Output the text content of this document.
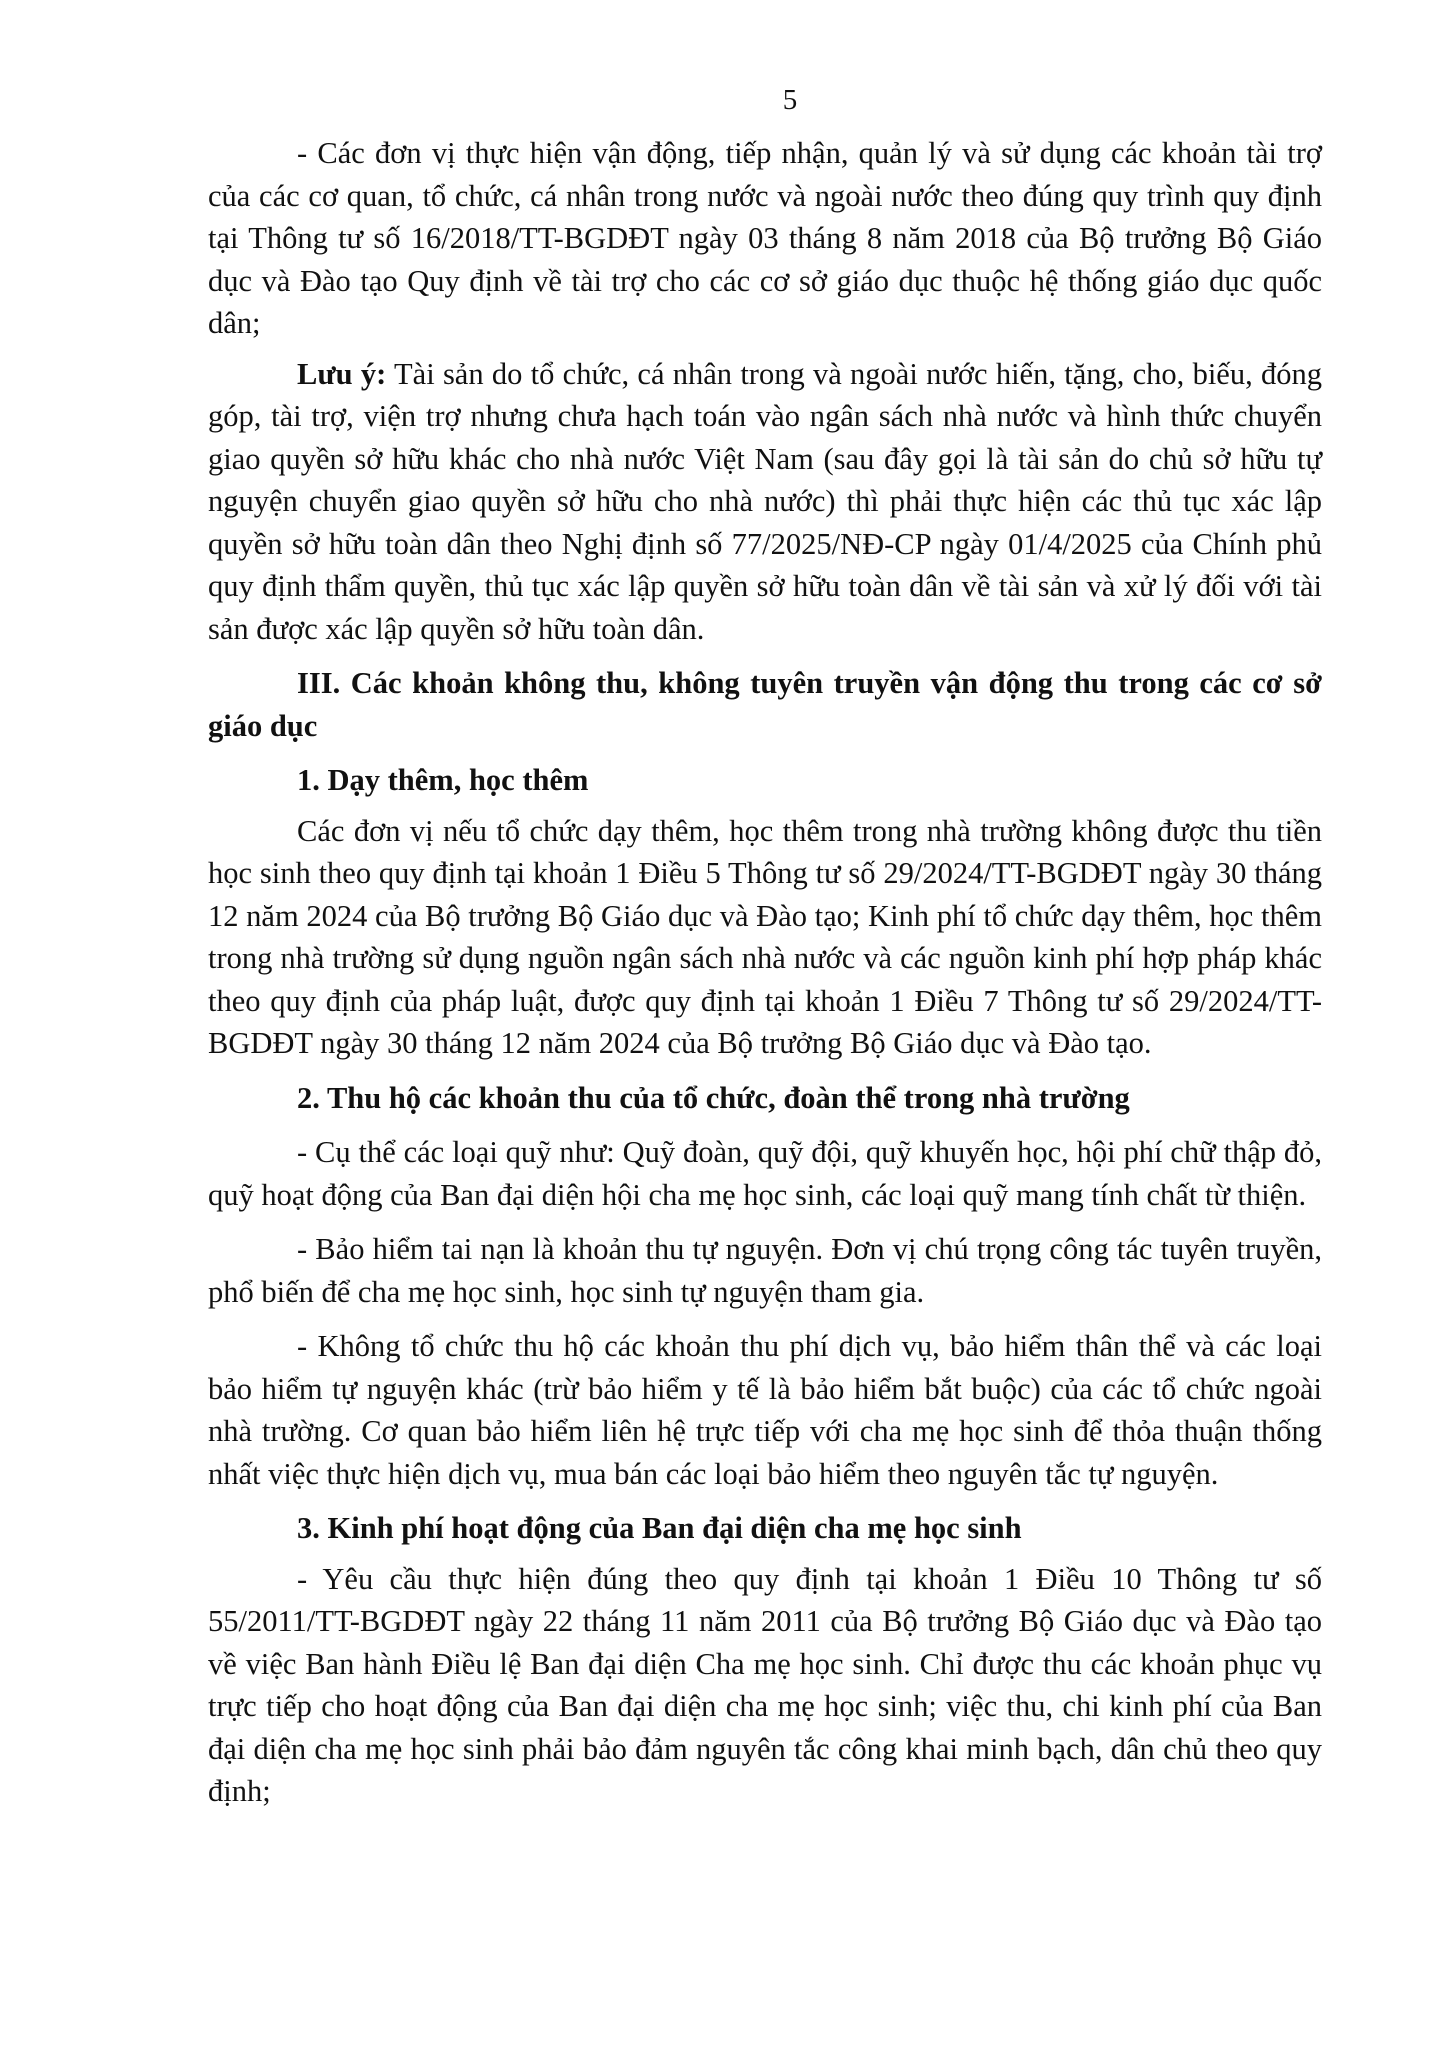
5

- Các đơn vị thực hiện vận động, tiếp nhận, quản lý và sử dụng các khoản tài trợ của các cơ quan, tổ chức, cá nhân trong nước và ngoài nước theo đúng quy trình quy định tại Thông tư số 16/2018/TT-BGDĐT ngày 03 tháng 8 năm 2018 của Bộ trưởng Bộ Giáo dục và Đào tạo Quy định về tài trợ cho các cơ sở giáo dục thuộc hệ thống giáo dục quốc dân;

Lưu ý: Tài sản do tổ chức, cá nhân trong và ngoài nước hiến, tặng, cho, biếu, đóng góp, tài trợ, viện trợ nhưng chưa hạch toán vào ngân sách nhà nước và hình thức chuyển giao quyền sở hữu khác cho nhà nước Việt Nam (sau đây gọi là tài sản do chủ sở hữu tự nguyện chuyển giao quyền sở hữu cho nhà nước) thì phải thực hiện các thủ tục xác lập quyền sở hữu toàn dân theo Nghị định số 77/2025/NĐ-CP ngày 01/4/2025 của Chính phủ quy định thẩm quyền, thủ tục xác lập quyền sở hữu toàn dân về tài sản và xử lý đối với tài sản được xác lập quyền sở hữu toàn dân.

III. Các khoản không thu, không tuyên truyền vận động thu trong các cơ sở giáo dục

1. Dạy thêm, học thêm

Các đơn vị nếu tổ chức dạy thêm, học thêm trong nhà trường không được thu tiền học sinh theo quy định tại khoản 1 Điều 5 Thông tư số 29/2024/TT-BGDĐT ngày 30 tháng 12 năm 2024 của Bộ trưởng Bộ Giáo dục và Đào tạo; Kinh phí tổ chức dạy thêm, học thêm trong nhà trường sử dụng nguồn ngân sách nhà nước và các nguồn kinh phí hợp pháp khác theo quy định của pháp luật, được quy định tại khoản 1 Điều 7 Thông tư số 29/2024/TT-BGDĐT ngày 30 tháng 12 năm 2024 của Bộ trưởng Bộ Giáo dục và Đào tạo.

2. Thu hộ các khoản thu của tổ chức, đoàn thể trong nhà trường

- Cụ thể các loại quỹ như: Quỹ đoàn, quỹ đội, quỹ khuyến học, hội phí chữ thập đỏ, quỹ hoạt động của Ban đại diện hội cha mẹ học sinh, các loại quỹ mang tính chất từ thiện.

- Bảo hiểm tai nạn là khoản thu tự nguyện. Đơn vị chú trọng công tác tuyên truyền, phổ biến để cha mẹ học sinh, học sinh tự nguyện tham gia.

- Không tổ chức thu hộ các khoản thu phí dịch vụ, bảo hiểm thân thể và các loại bảo hiểm tự nguyện khác (trừ bảo hiểm y tế là bảo hiểm bắt buộc) của các tổ chức ngoài nhà trường. Cơ quan bảo hiểm liên hệ trực tiếp với cha mẹ học sinh để thỏa thuận thống nhất việc thực hiện dịch vụ, mua bán các loại bảo hiểm theo nguyên tắc tự nguyện.

3. Kinh phí hoạt động của Ban đại diện cha mẹ học sinh

- Yêu cầu thực hiện đúng theo quy định tại khoản 1 Điều 10 Thông tư số 55/2011/TT-BGDĐT ngày 22 tháng 11 năm 2011 của Bộ trưởng Bộ Giáo dục và Đào tạo về việc Ban hành Điều lệ Ban đại diện Cha mẹ học sinh. Chỉ được thu các khoản phục vụ trực tiếp cho hoạt động của Ban đại diện cha mẹ học sinh; việc thu, chi kinh phí của Ban đại diện cha mẹ học sinh phải bảo đảm nguyên tắc công khai minh bạch, dân chủ theo quy định;
